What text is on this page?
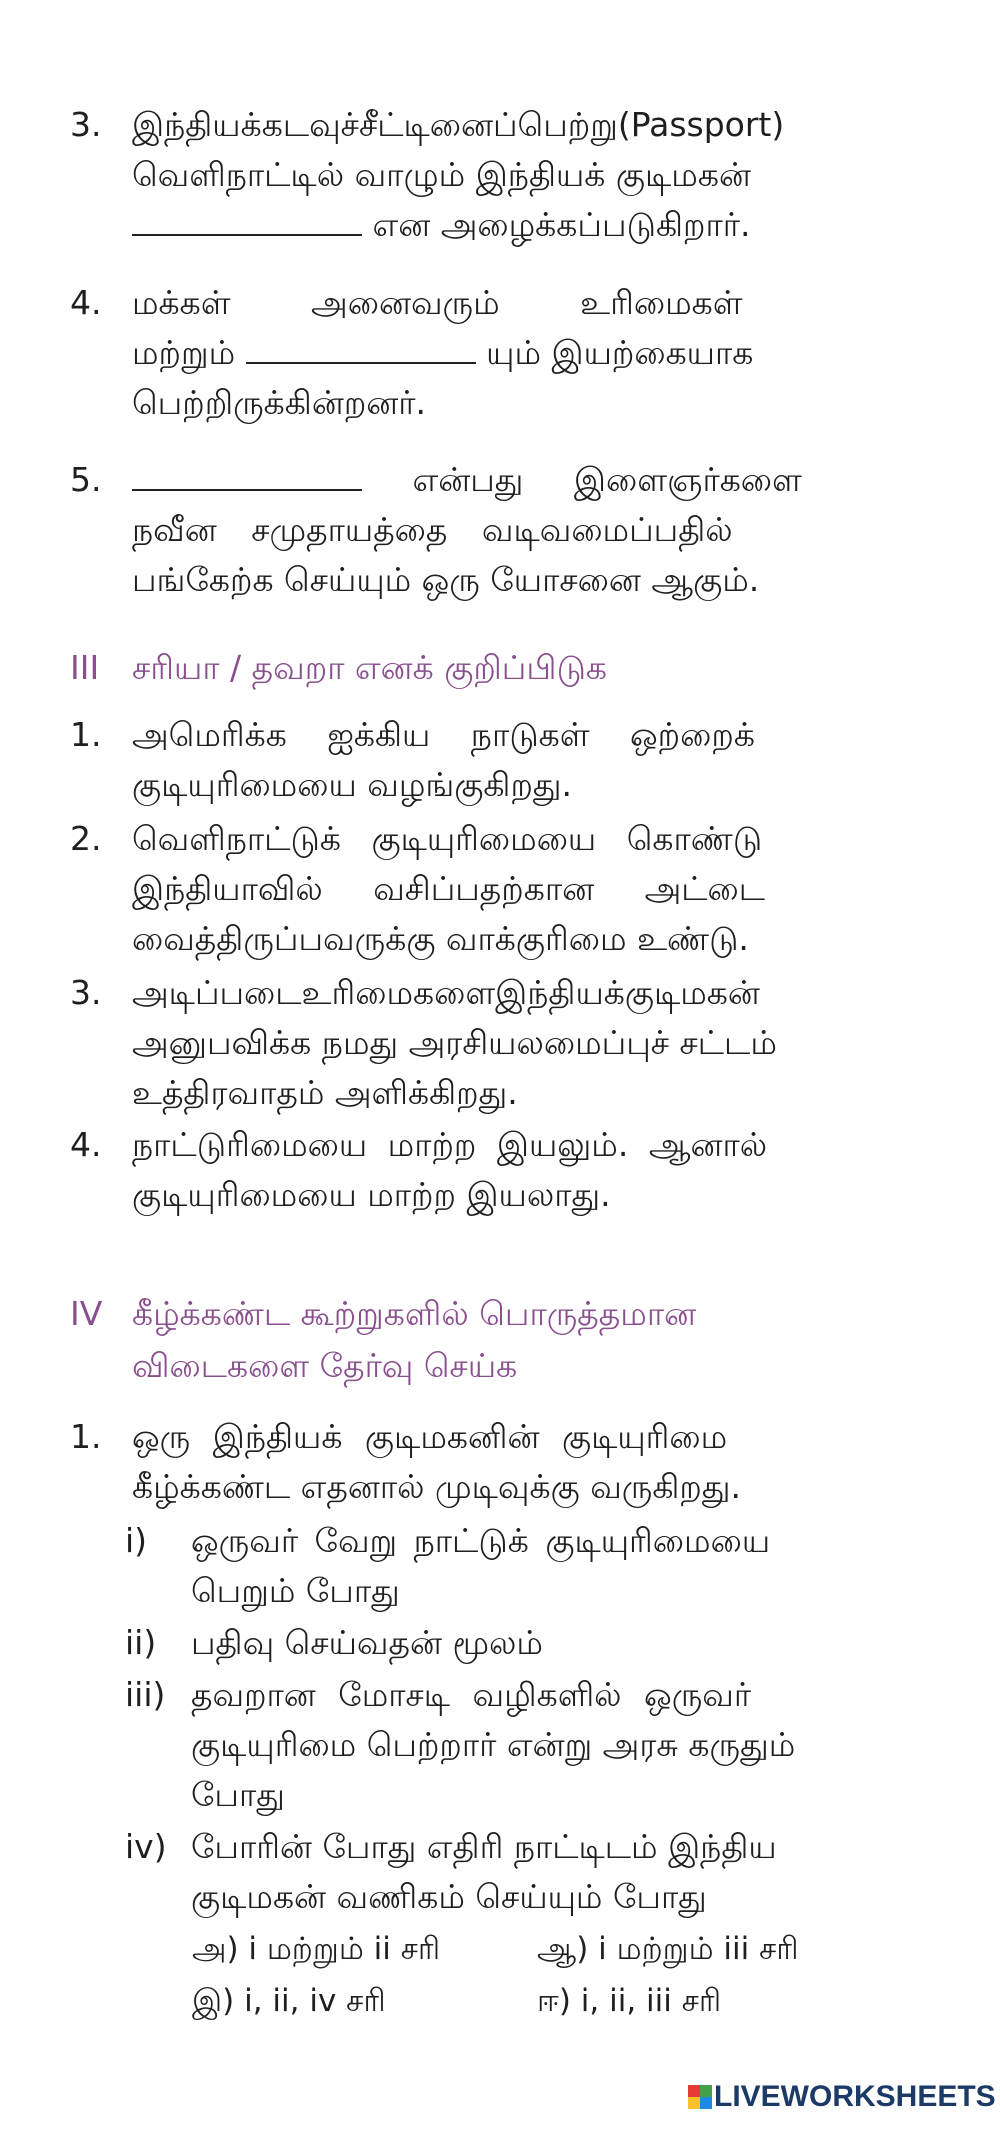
3. இந்தியக்கடவுச்சீட்டினைப்பெற்று(Passport)
வெளிநாட்டில் வாழும் இந்தியக் குடிமகன்
என அழைக்கப்படுகிறார்.
4. மக்கள் அனைவரும் உரிமைகள்
மற்றும்	யும் இயற்கையாக
பெற்றிருக்கின்றனர்.
5.	என்பது இளைஞர்களை
நவீன சமுதாயத்தை வடிவமைப்பதில்
பங்கேற்க செய்யும் ஒரு யோசனை ஆகும்.
III சரியா / தவறா எனக் குறிப்பிடுக
1. அமெரிக்க ஐக்கிய நாடுகள் ஒற்றைக்
குடியுரிமையை வழங்குகிறது.
2. வெளிநாட்டுக் குடியுரிமையை கொண்டு
இந்தியாவில் வசிப்பதற்கான அட்டை
வைத்திருப்பவருக்கு வாக்குரிமை உண்டு.
3. அடிப்படைஉரிமைகளைஇந்தியக்குடிமகன்
அனுபவிக்க நமது அரசியலமைப்புச் சட்டம்
உத்திரவாதம் அளிக்கிறது.
4. நாட்டுரிமையை மாற்ற இயலும். ஆனால்
குடியுரிமையை மாற்ற இயலாது.
IV கீழ்க்கண்ட கூற்றுகளில் பொருத்தமான
விடைகளை தேர்வு செய்க
1. ஒரு இந்தியக் குடிமகனின் குடியுரிமை
கீழ்க்கண்ட எதனால் முடிவுக்கு வருகிறது.
i) ஒருவர் வேறு நாட்டுக் குடியுரிமையை
பெறும் போது
ii) பதிவு செய்வதன் மூலம்
iii) தவறான மோசடி வழிகளில் ஒருவர்
குடியுரிமை பெற்றார் என்று அரசு கருதும்
போது
iv) போரின் போது எதிரி நாட்டிடம் இந்திய
குடிமகன் வணிகம் செய்யும் போது
அ) i மற்றும் ii சரி	ஆ) i மற்றும் iii சரி
இ) i, ii, iv சரி	ஈ) i, ii, iii சரி
LIVEWORKSHEETS
